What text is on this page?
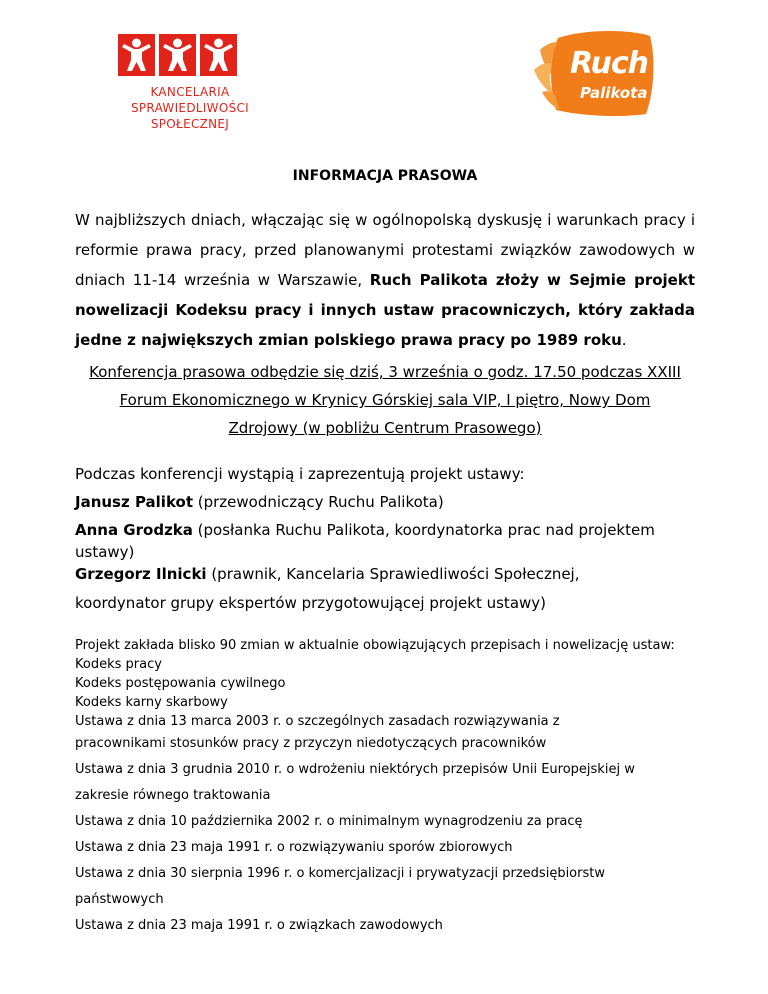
KANCELARIA
SPRAWIEDLIWOŚCI SPOŁECZNEJ
Ruch
Palikota
INFORMACJA PRASOWA
W najbliższych dniach, włączając się w ogólnopolską dyskusję i warunkach pracy i reformie prawa pracy, przed planowanymi protestami związków zawodowych w dniach 11-14 września w Warszawie, Ruch Palikota złoży w Sejmie projekt nowelizacji Kodeksu pracy i innych ustaw pracowniczych, który zakłada jedne z największych zmian polskiego prawa pracy po 1989 roku.
Konferencja prasowa odbędzie się dziś, 3 września o godz. 17.50 podczas XXIII
Forum Ekonomicznego w Krynicy Górskiej sala VIP, I piętro, Nowy Dom
Zdrojowy (w pobliżu Centrum Prasowego)
Podczas konferencji wystąpią i zaprezentują projekt ustawy:
Janusz Palikot (przewodniczący Ruchu Palikota)
Anna Grodzka (posłanka Ruchu Palikota, koordynatorka prac nad projektem ustawy)
Grzegorz Ilnicki (prawnik, Kancelaria Sprawiedliwości Społecznej,
koordynator grupy ekspertów przygotowującej projekt ustawy)
Projekt zakłada blisko 90 zmian w aktualnie obowiązujących przepisach i nowelizację ustaw:
Kodeks pracy
Kodeks postępowania cywilnego
Kodeks karny skarbowy
Ustawa z dnia 13 marca 2003 r. o szczególnych zasadach rozwiązywania z
pracownikami stosunków pracy z przyczyn niedotyczących pracowników
Ustawa z dnia 3 grudnia 2010 r. o wdrożeniu niektórych przepisów Unii Europejskiej w
zakresie równego traktowania
Ustawa z dnia 10 października 2002 r. o minimalnym wynagrodzeniu za pracę
Ustawa z dnia 23 maja 1991 r. o rozwiązywaniu sporów zbiorowych
Ustawa z dnia 30 sierpnia 1996 r. o komercjalizacji i prywatyzacji przedsiębiorstw
państwowych
Ustawa z dnia 23 maja 1991 r. o związkach zawodowych
